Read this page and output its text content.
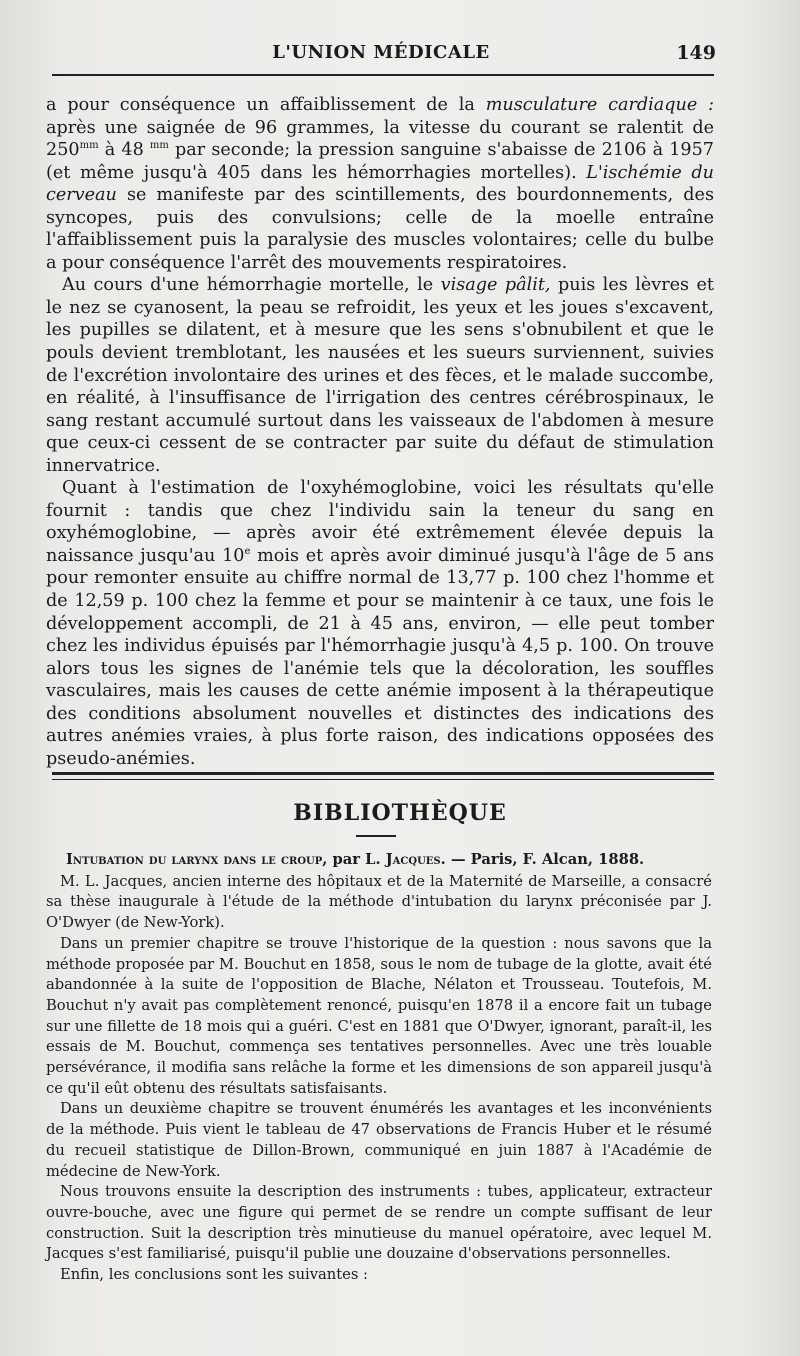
L'UNION MÉDICALE	149

a pour conséquence un affaiblissement de la musculature cardiaque : après une saignée de 96 grammes, la vitesse du courant se ralentit de $250^{mm}$ à 48 $^{mm}$ par seconde; la pression sanguine s'abaisse de 2106 à 1957 (et même jusqu'à 405 dans les hémorrhagies mortelles). L'ischémie du cerveau se manifeste par des scintillements, des bourdonnements, des syncopes, puis des convulsions; celle de la moelle entraîne l'affaiblissement puis la paralysie des muscles volontaires; celle du bulbe a pour conséquence l'arrêt des mouvements respiratoires.

Au cours d'une hémorrhagie mortelle, le visage pâlit, puis les lèvres et le nez se cyanosent, la peau se refroidit, les yeux et les joues s'excavent, les pupilles se dilatent, et à mesure que les sens s'obnubilent et que le pouls devient tremblotant, les nausées et les sueurs surviennent, suivies de l'excrétion involontaire des urines et des fèces, et le malade succombe, en réalité, à l'insuffisance de l'irrigation des centres cérébrospinaux, le sang restant accumulé surtout dans les vaisseaux de l'abdomen à mesure que ceux-ci cessent de se contracter par suite du défaut de stimulation innervatrice.

Quant à l'estimation de l'oxyhémoglobine, voici les résultats qu'elle fournit : tandis que chez l'individu sain la teneur du sang en oxyhémoglobine, — après avoir été extrêmement élevée depuis la naissance jusqu'au 10e mois et après avoir diminué jusqu'à l'âge de 5 ans pour remonter ensuite au chiffre normal de 13,77 p. 100 chez l'homme et de 12,59 p. 100 chez la femme et pour se maintenir à ce taux, une fois le développement accompli, de 21 à 45 ans, environ, — elle peut tomber chez les individus épuisés par l'hémorrhagie jusqu'à 4,5 p. 100. On trouve alors tous les signes de l'anémie tels que la décoloration, les souffles vasculaires, mais les causes de cette anémie imposent à la thérapeutique des conditions absolument nouvelles et distinctes des indications des autres anémies vraies, à plus forte raison, des indications opposées des pseudo-anémies.

BIBLIOTHÈQUE

Intubation du larynx dans le croup, par L. Jacques. — Paris, F. Alcan, 1888.

M. L. Jacques, ancien interne des hôpitaux et de la Maternité de Marseille, a consacré sa thèse inaugurale à l'étude de la méthode d'intubation du larynx préconisée par J. O'Dwyer (de New-York).

Dans un premier chapitre se trouve l'historique de la question : nous savons que la méthode proposée par M. Bouchut en 1858, sous le nom de tubage de la glotte, avait été abandonnée à la suite de l'opposition de Blache, Nélaton et Trousseau. Toutefois, M. Bouchut n'y avait pas complètement renoncé, puisqu'en 1878 il a encore fait un tubage sur une fillette de 18 mois qui a guéri. C'est en 1881 que O'Dwyer, ignorant, paraît-il, les essais de M. Bouchut, commença ses tentatives personnelles. Avec une très louable persévérance, il modifia sans relâche la forme et les dimensions de son appareil jusqu'à ce qu'il eût obtenu des résultats satisfaisants.

Dans un deuxième chapitre se trouvent énumérés les avantages et les inconvénients de la méthode. Puis vient le tableau de 47 observations de Francis Huber et le résumé du recueil statistique de Dillon-Brown, communiqué en juin 1887 à l'Académie de médecine de New-York.

Nous trouvons ensuite la description des instruments : tubes, applicateur, extracteur ouvre-bouche, avec une figure qui permet de se rendre un compte suffisant de leur construction. Suit la description très minutieuse du manuel opératoire, avec lequel M. Jacques s'est familiarisé, puisqu'il publie une douzaine d'observations personnelles.

Enfin, les conclusions sont les suivantes :
